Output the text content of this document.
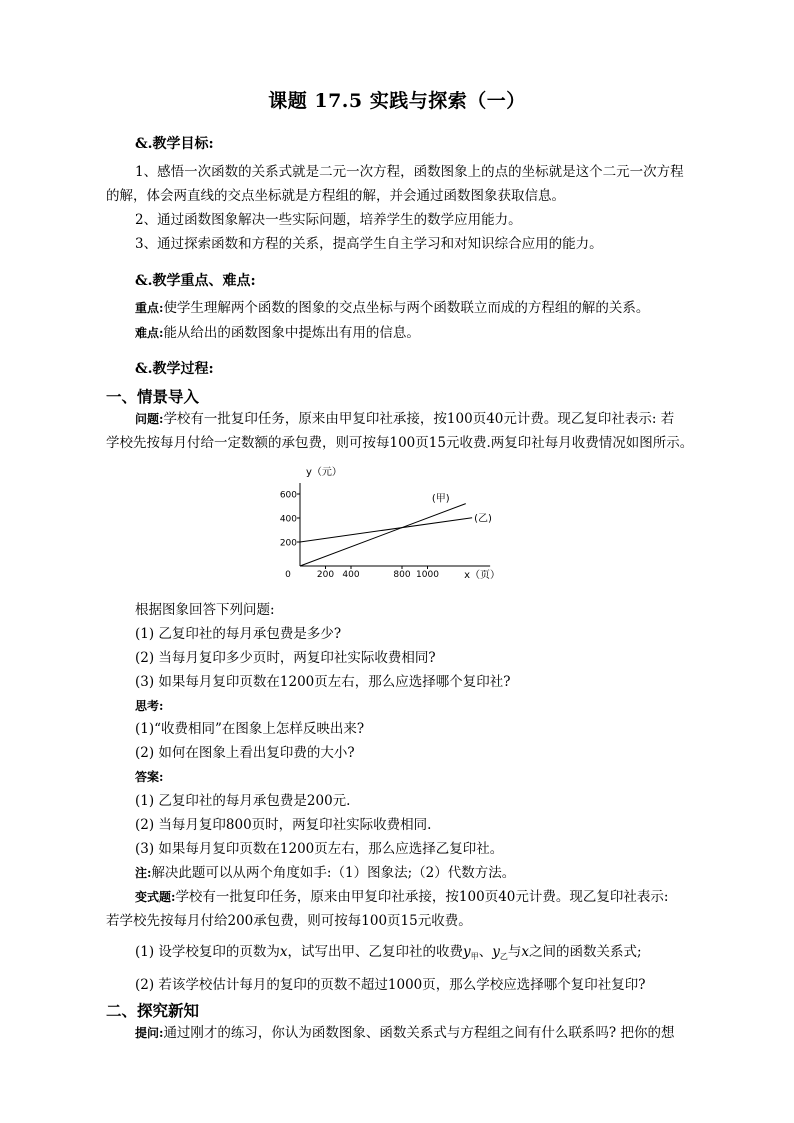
课题 17.5 实践与探索（一）
&.教学目标:
1、感悟一次函数的关系式就是二元一次方程，函数图象上的点的坐标就是这个二元一次方程
的解，体会两直线的交点坐标就是方程组的解，并会通过函数图象获取信息。
2、通过函数图象解决一些实际问题，培养学生的数学应用能力。
3、通过探索函数和方程的关系，提高学生自主学习和对知识综合应用的能力。
&.教学重点、难点:
重点:使学生理解两个函数的图象的交点坐标与两个函数联立而成的方程组的解的关系。
难点:能从给出的函数图象中提炼出有用的信息。
&.教学过程:
一、情景导入
问题:学校有一批复印任务，原来由甲复印社承接，按100页40元计费。现乙复印社表示: 若
学校先按每月付给一定数额的承包费，则可按每100页15元收费.两复印社每月收费情况如图所示。
200
400
600
0	200 400	800 1000
y（元）
x（页）
(甲)
(乙)
根据图象回答下列问题:
(1) 乙复印社的每月承包费是多少?
(2) 当每月复印多少页时，两复印社实际收费相同?
(3) 如果每月复印页数在1200页左右，那么应选择哪个复印社?
思考:
(1)“收费相同”在图象上怎样反映出来?
(2) 如何在图象上看出复印费的大小?
答案:
(1) 乙复印社的每月承包费是200元.
(2) 当每月复印800页时，两复印社实际收费相同.
(3) 如果每月复印页数在1200页左右，那么应选择乙复印社。
注:解决此题可以从两个角度如手:（1）图象法;（2）代数方法。
变式题:学校有一批复印任务，原来由甲复印社承接，按100页40元计费。现乙复印社表示:
若学校先按每月付给200承包费，则可按每100页15元收费。
(1) 设学校复印的页数为x，试写出甲、乙复印社的收费$y_甲$、$y_乙$与x之间的函数关系式;
(2) 若该学校估计每月的复印的页数不超过1000页，那么学校应选择哪个复印社复印?
二、探究新知
提问:通过刚才的练习，你认为函数图象、函数关系式与方程组之间有什么联系吗? 把你的想
